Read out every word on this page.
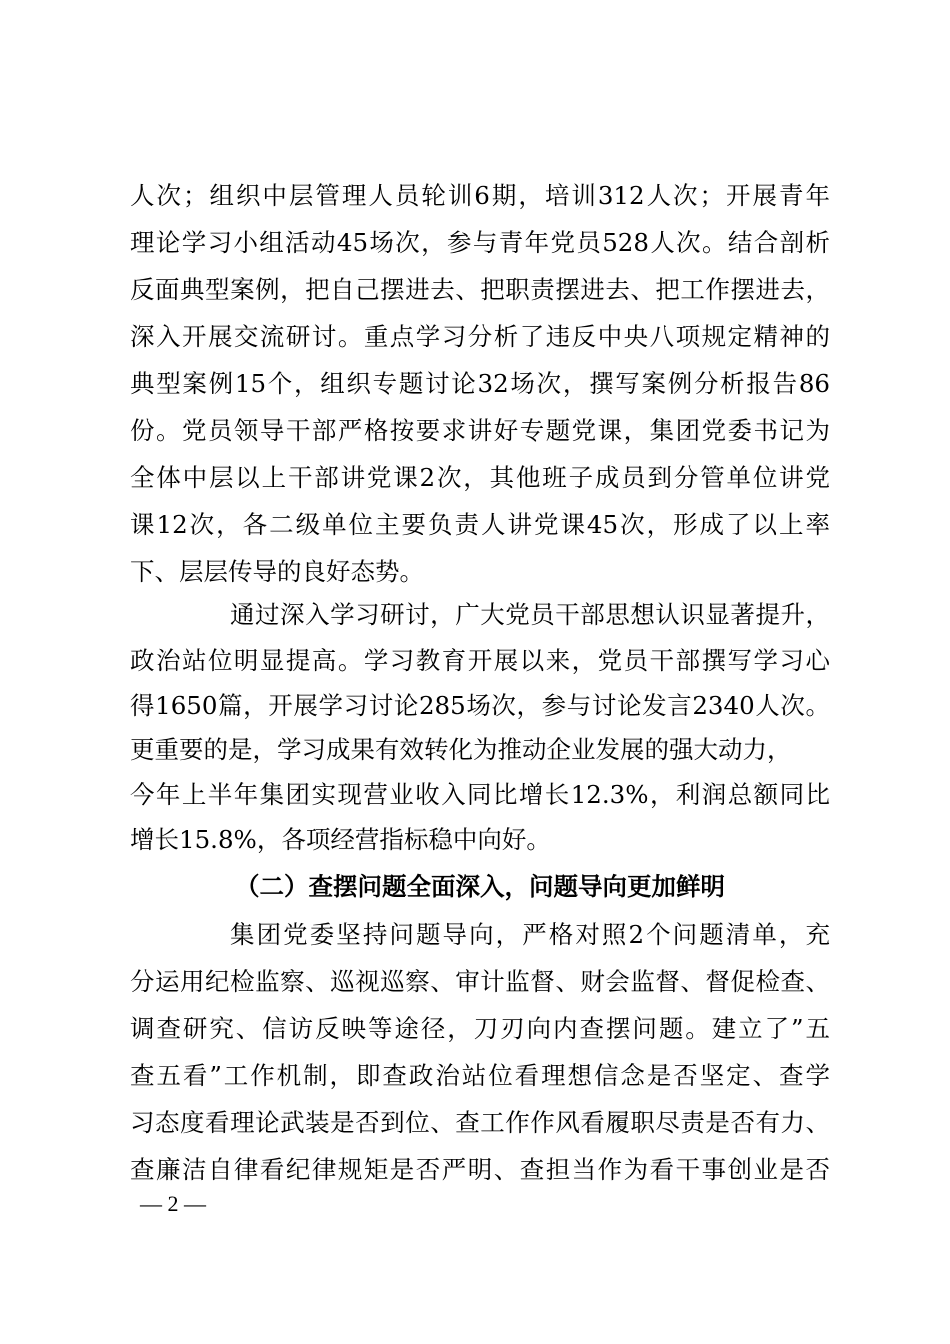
人次；组织中层管理人员轮训6期，培训312人次；开展青年
理论学习小组活动45场次，参与青年党员528人次。结合剖析
反面典型案例，把自己摆进去、把职责摆进去、把工作摆进去，
深入开展交流研讨。重点学习分析了违反中央八项规定精神的
典型案例15个，组织专题讨论32场次，撰写案例分析报告86
份。党员领导干部严格按要求讲好专题党课，集团党委书记为
全体中层以上干部讲党课2次，其他班子成员到分管单位讲党
课12次，各二级单位主要负责人讲党课45次，形成了以上率
下、层层传导的良好态势。
通过深入学习研讨，广大党员干部思想认识显著提升，
政治站位明显提高。学习教育开展以来，党员干部撰写学习心
得1650篇，开展学习讨论285场次，参与讨论发言2340人次。
更重要的是，学习成果有效转化为推动企业发展的强大动力，
今年上半年集团实现营业收入同比增长12.3%，利润总额同比
增长15.8%，各项经营指标稳中向好。
（二）查摆问题全面深入，问题导向更加鲜明
集团党委坚持问题导向，严格对照2个问题清单，充
分运用纪检监察、巡视巡察、审计监督、财会监督、督促检查、
调查研究、信访反映等途径，刀刃向内查摆问题。建立了”五
查五看”工作机制，即查政治站位看理想信念是否坚定、查学
习态度看理论武装是否到位、查工作作风看履职尽责是否有力、
查廉洁自律看纪律规矩是否严明、查担当作为看干事创业是否
— 2 —
